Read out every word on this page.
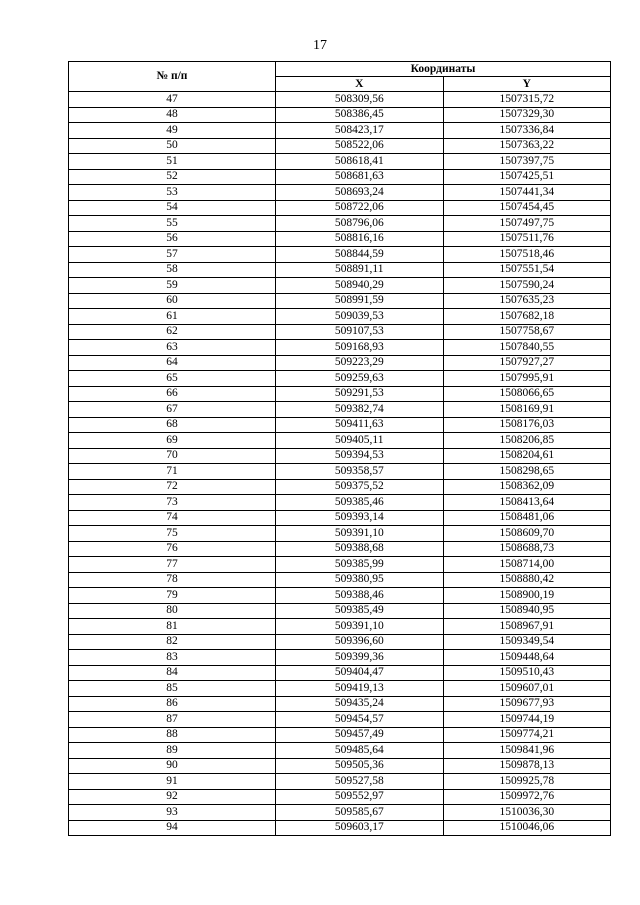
17
№ п/п	Координаты	
	X	Y
47	508309,56	1507315,72
48	508386,45	1507329,30
49	508423,17	1507336,84
50	508522,06	1507363,22
51	508618,41	1507397,75
52	508681,63	1507425,51
53	508693,24	1507441,34
54	508722,06	1507454,45
55	508796,06	1507497,75
56	508816,16	1507511,76
57	508844,59	1507518,46
58	508891,11	1507551,54
59	508940,29	1507590,24
60	508991,59	1507635,23
61	509039,53	1507682,18
62	509107,53	1507758,67
63	509168,93	1507840,55
64	509223,29	1507927,27
65	509259,63	1507995,91
66	509291,53	1508066,65
67	509382,74	1508169,91
68	509411,63	1508176,03
69	509405,11	1508206,85
70	509394,53	1508204,61
71	509358,57	1508298,65
72	509375,52	1508362,09
73	509385,46	1508413,64
74	509393,14	1508481,06
75	509391,10	1508609,70
76	509388,68	1508688,73
77	509385,99	1508714,00
78	509380,95	1508880,42
79	509388,46	1508900,19
80	509385,49	1508940,95
81	509391,10	1508967,91
82	509396,60	1509349,54
83	509399,36	1509448,64
84	509404,47	1509510,43
85	509419,13	1509607,01
86	509435,24	1509677,93
87	509454,57	1509744,19
88	509457,49	1509774,21
89	509485,64	1509841,96
90	509505,36	1509878,13
91	509527,58	1509925,78
92	509552,97	1509972,76
93	509585,67	1510036,30
94	509603,17	1510046,06
